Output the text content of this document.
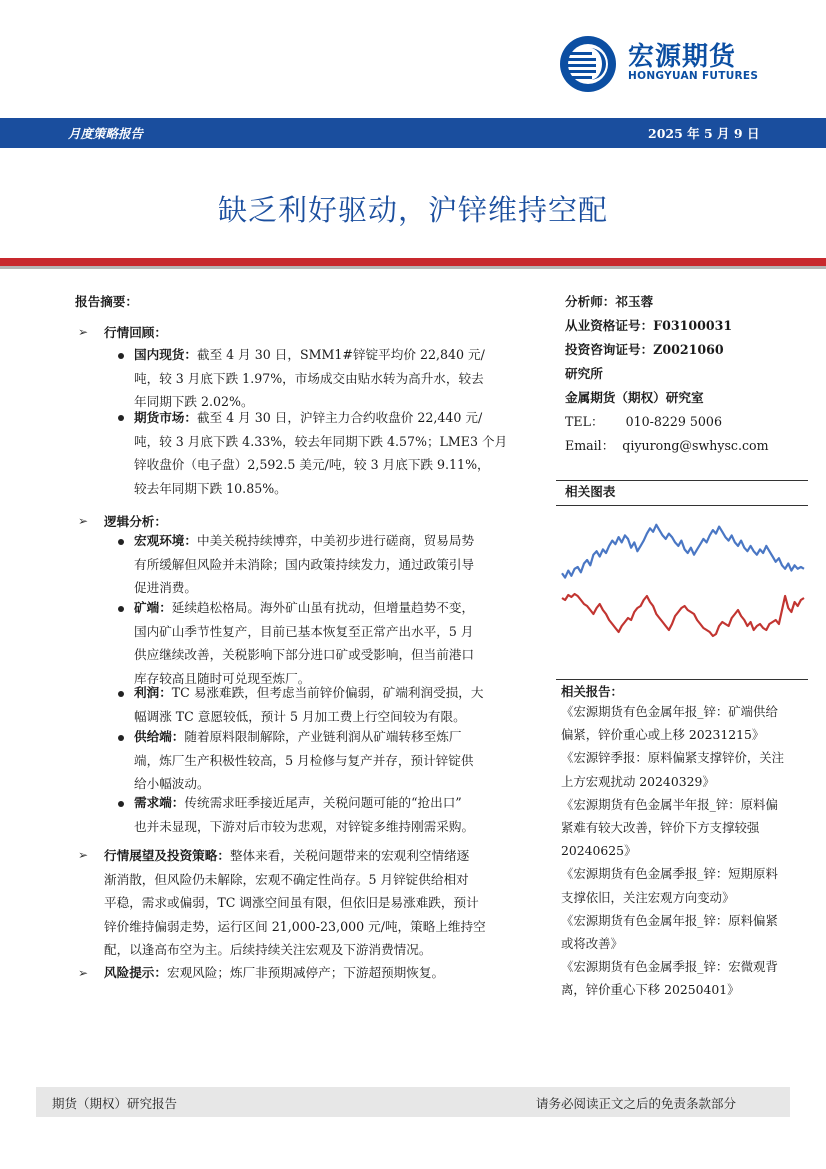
宏源期货
HONGYUAN FUTURES
月度策略报告	2025 年 5 月 9 日
缺乏利好驱动，沪锌维持空配
报告摘要：
➢ 行情回顾：
国内现货：截至 4 月 30 日，SMM1#锌锭平均价 22,840 元/
吨，较 3 月底下跌 1.97%，市场成交由贴水转为高升水，较去
年同期下跌 2.02%。
期货市场：截至 4 月 30 日，沪锌主力合约收盘价 22,440 元/
吨，较 3 月底下跌 4.33%，较去年同期下跌 4.57%；LME3 个月
锌收盘价（电子盘）2,592.5 美元/吨，较 3 月底下跌 9.11%，
较去年同期下跌 10.85%。
➢ 逻辑分析：
宏观环境：中美关税持续博弈，中美初步进行磋商，贸易局势
有所缓解但风险并未消除；国内政策持续发力，通过政策引导
促进消费。
矿端：延续趋松格局。海外矿山虽有扰动，但增量趋势不变，
国内矿山季节性复产，目前已基本恢复至正常产出水平，5 月
供应继续改善，关税影响下部分进口矿或受影响，但当前港口
库存较高且随时可兑现至炼厂。
利润：TC 易涨难跌，但考虑当前锌价偏弱，矿端利润受损，大
幅调涨 TC 意愿较低，预计 5 月加工费上行空间较为有限。
供给端：随着原料限制解除，产业链利润从矿端转移至炼厂
端，炼厂生产积极性较高，5 月检修与复产并存，预计锌锭供
给小幅波动。
需求端：传统需求旺季接近尾声，关税问题可能的“抢出口”
也并未显现，下游对后市较为悲观，对锌锭多维持刚需采购。
➢ 行情展望及投资策略：整体来看，关税问题带来的宏观利空情绪逐
渐消散，但风险仍未解除，宏观不确定性尚存。5 月锌锭供给相对
平稳，需求或偏弱，TC 调涨空间虽有限，但依旧是易涨难跌，预计
锌价维持偏弱走势，运行区间 21,000-23,000 元/吨，策略上维持空
配，以逢高布空为主。后续持续关注宏观及下游消费情况。
➢ 风险提示：宏观风险；炼厂非预期减停产；下游超预期恢复。
分析师：祁玉蓉
从业资格证号：F03100031
投资咨询证号：Z0021060
研究所
金属期货（期权）研究室
TEL： 010-8229 5006
Email： qiyurong@swhysc.com
相关图表
相关报告：
《宏源期货有色金属年报_锌：矿端供给
偏紧，锌价重心或上移 20231215》
《宏源锌季报：原料偏紧支撑锌价，关注
上方宏观扰动 20240329》
《宏源期货有色金属半年报_锌：原料偏
紧难有较大改善，锌价下方支撑较强
20240625》
《宏源期货有色金属季报_锌：短期原料
支撑依旧，关注宏观方向变动》
《宏源期货有色金属年报_锌：原料偏紧
或将改善》
《宏源期货有色金属季报_锌：宏微观背
离，锌价重心下移 20250401》
期货（期权）研究报告	请务必阅读正文之后的免责条款部分
